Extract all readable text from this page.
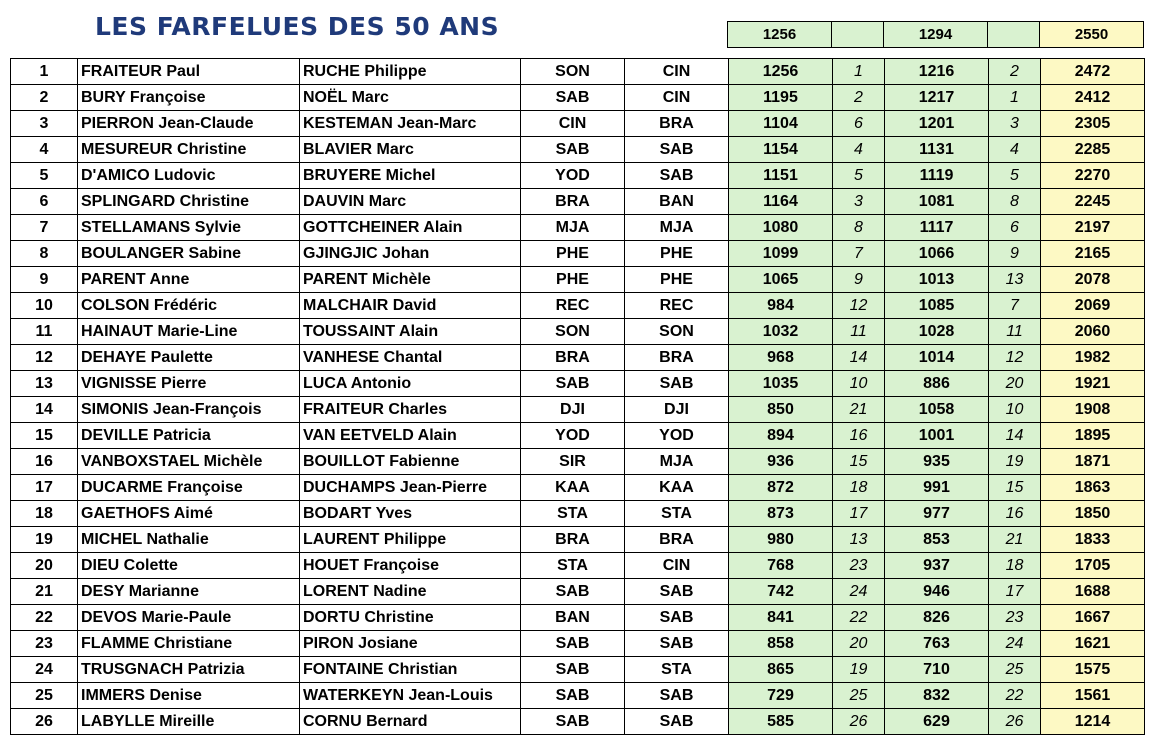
LES FARFELUES DES 50 ANS	1256		1294		2550
1	FRAITEUR Paul	RUCHE Philippe	SON	CIN	1256	1	1216	2	2472
2	BURY Françoise	NOËL Marc	SAB	CIN	1195	2	1217	1	2412
3	PIERRON Jean-Claude	KESTEMAN Jean-Marc	CIN	BRA	1104	6	1201	3	2305
4	MESUREUR Christine	BLAVIER Marc	SAB	SAB	1154	4	1131	4	2285
5	D'AMICO Ludovic	BRUYERE Michel	YOD	SAB	1151	5	1119	5	2270
6	SPLINGARD Christine	DAUVIN Marc	BRA	BAN	1164	3	1081	8	2245
7	STELLAMANS Sylvie	GOTTCHEINER Alain	MJA	MJA	1080	8	1117	6	2197
8	BOULANGER Sabine	GJINGJIC Johan	PHE	PHE	1099	7	1066	9	2165
9	PARENT Anne	PARENT Michèle	PHE	PHE	1065	9	1013	13	2078
10	COLSON Frédéric	MALCHAIR David	REC	REC	984	12	1085	7	2069
11	HAINAUT Marie-Line	TOUSSAINT Alain	SON	SON	1032	11	1028	11	2060
12	DEHAYE Paulette	VANHESE Chantal	BRA	BRA	968	14	1014	12	1982
13	VIGNISSE Pierre	LUCA Antonio	SAB	SAB	1035	10	886	20	1921
14	SIMONIS Jean-François	FRAITEUR Charles	DJI	DJI	850	21	1058	10	1908
15	DEVILLE Patricia	VAN EETVELD Alain	YOD	YOD	894	16	1001	14	1895
16	VANBOXSTAEL Michèle	BOUILLOT Fabienne	SIR	MJA	936	15	935	19	1871
17	DUCARME Françoise	DUCHAMPS Jean-Pierre	KAA	KAA	872	18	991	15	1863
18	GAETHOFS Aimé	BODART Yves	STA	STA	873	17	977	16	1850
19	MICHEL Nathalie	LAURENT Philippe	BRA	BRA	980	13	853	21	1833
20	DIEU Colette	HOUET Françoise	STA	CIN	768	23	937	18	1705
21	DESY Marianne	LORENT Nadine	SAB	SAB	742	24	946	17	1688
22	DEVOS Marie-Paule	DORTU Christine	BAN	SAB	841	22	826	23	1667
23	FLAMME Christiane	PIRON Josiane	SAB	SAB	858	20	763	24	1621
24	TRUSGNACH Patrizia	FONTAINE Christian	SAB	STA	865	19	710	25	1575
25	IMMERS Denise	WATERKEYN Jean-Louis	SAB	SAB	729	25	832	22	1561
26	LABYLLE Mireille	CORNU Bernard	SAB	SAB	585	26	629	26	1214
